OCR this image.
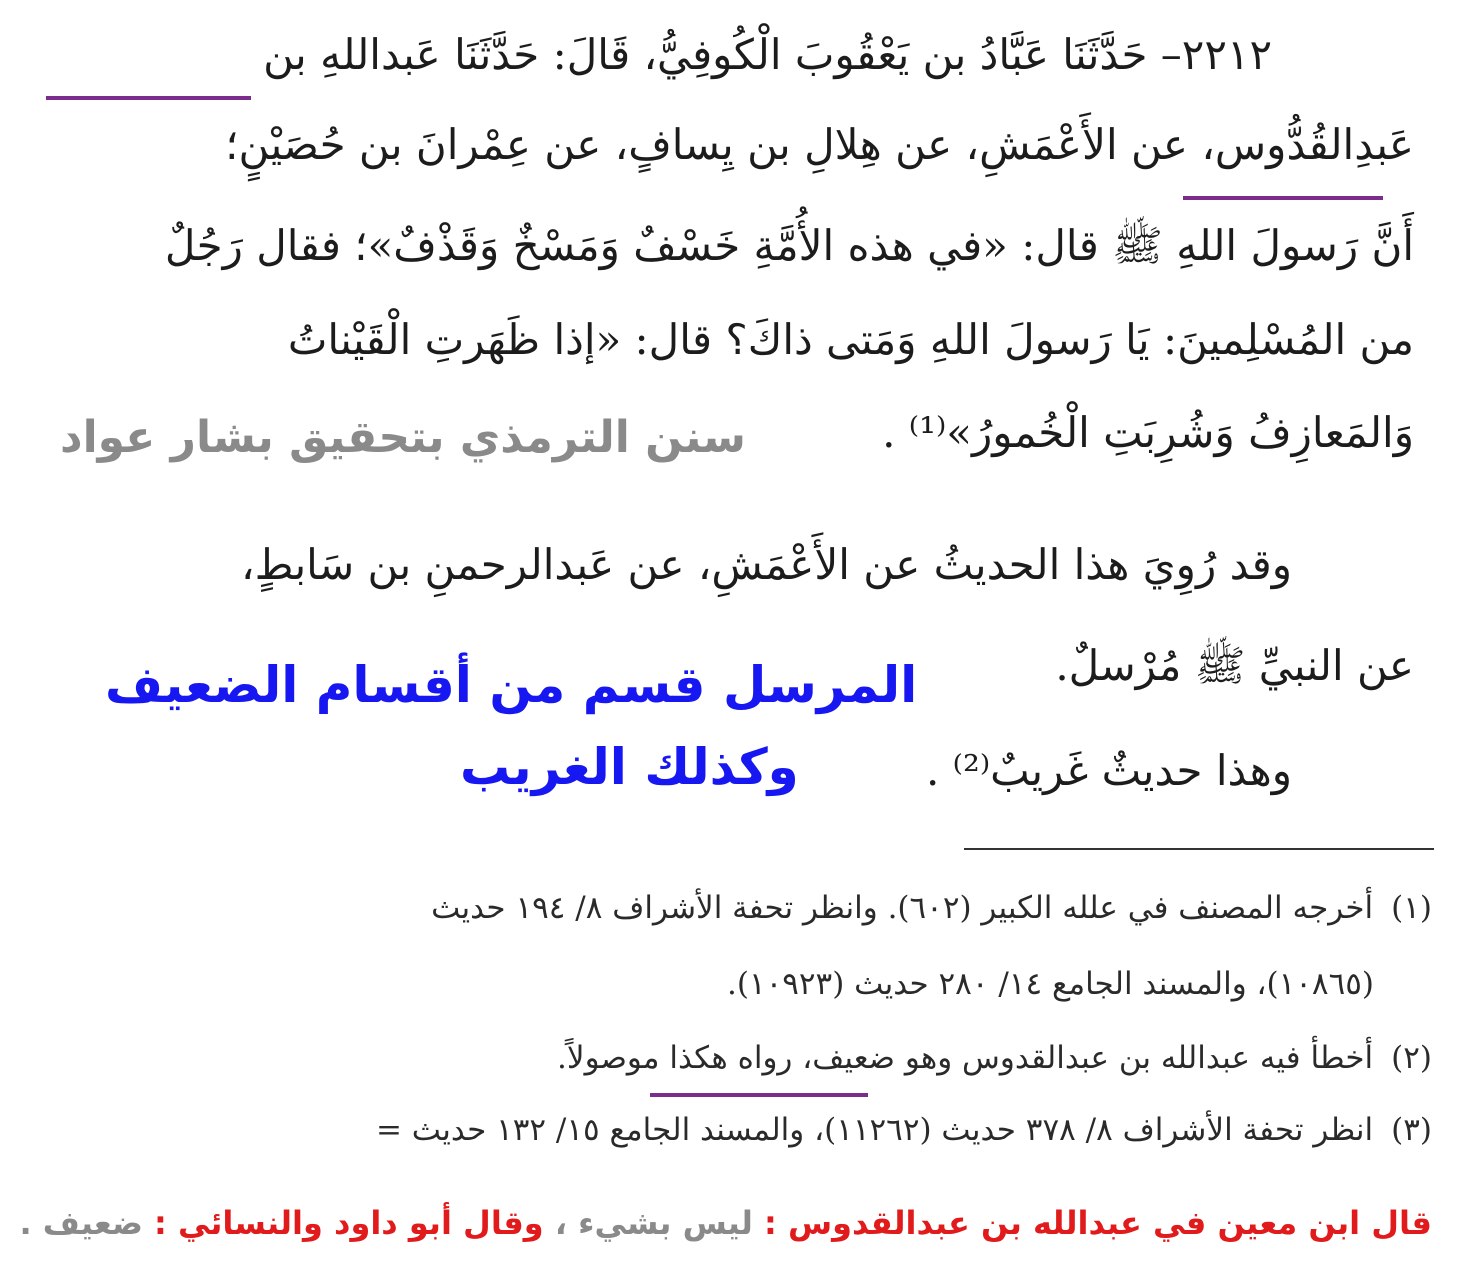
٢٢١٢– حَدَّثَنَا عَبَّادُ بن يَعْقُوبَ الْكُوفِيُّ، قَالَ: حَدَّثَنَا عَبداللهِ بن
عَبدِالقُدُّوس، عن الأَعْمَشِ، عن هِلالِ بن يِسافٍ، عن عِمْرانَ بن حُصَيْنٍ؛
أَنَّ رَسولَ اللهِ ﷺ قال: «في هذه الأُمَّةِ خَسْفٌ وَمَسْخٌ وَقَذْفٌ»؛ فقال رَجُلٌ
من المُسْلِمينَ: يَا رَسولَ اللهِ وَمَتى ذاكَ؟ قال: «إذا ظَهَرتِ الْقَيْناتُ
وَالمَعازِفُ وَشُرِبَتِ الْخُمورُ»⁽¹⁾ .
سنن الترمذي بتحقيق بشار عواد
وقد رُوِيَ هذا الحديثُ عن الأَعْمَشِ، عن عَبدالرحمنِ بن سَابطٍ،
عن النبيِّ ﷺ مُرْسلٌ.
وهذا حديثٌ غَريبٌ⁽²⁾ .
المرسل قسم من أقسام الضعيف
وكذلك الغريب
(١)أخرجه المصنف في علله الكبير (٦٠٢). وانظر تحفة الأشراف ٨/ ١٩٤ حديث
(١٠٨٦٥)، والمسند الجامع ١٤/ ٢٨٠ حديث (١٠٩٢٣).
(٢)أخطأ فيه عبدالله بن عبدالقدوس وهو ضعيف، رواه هكذا موصولاً.
(٣)انظر تحفة الأشراف ٨/ ٣٧٨ حديث (١١٢٦٢)، والمسند الجامع ١٥/ ١٣٢ حديث =
قال ابن معين في عبدالله بن عبدالقدوس : ليس بشيء ، وقال أبو داود والنسائي : ضعيف .
